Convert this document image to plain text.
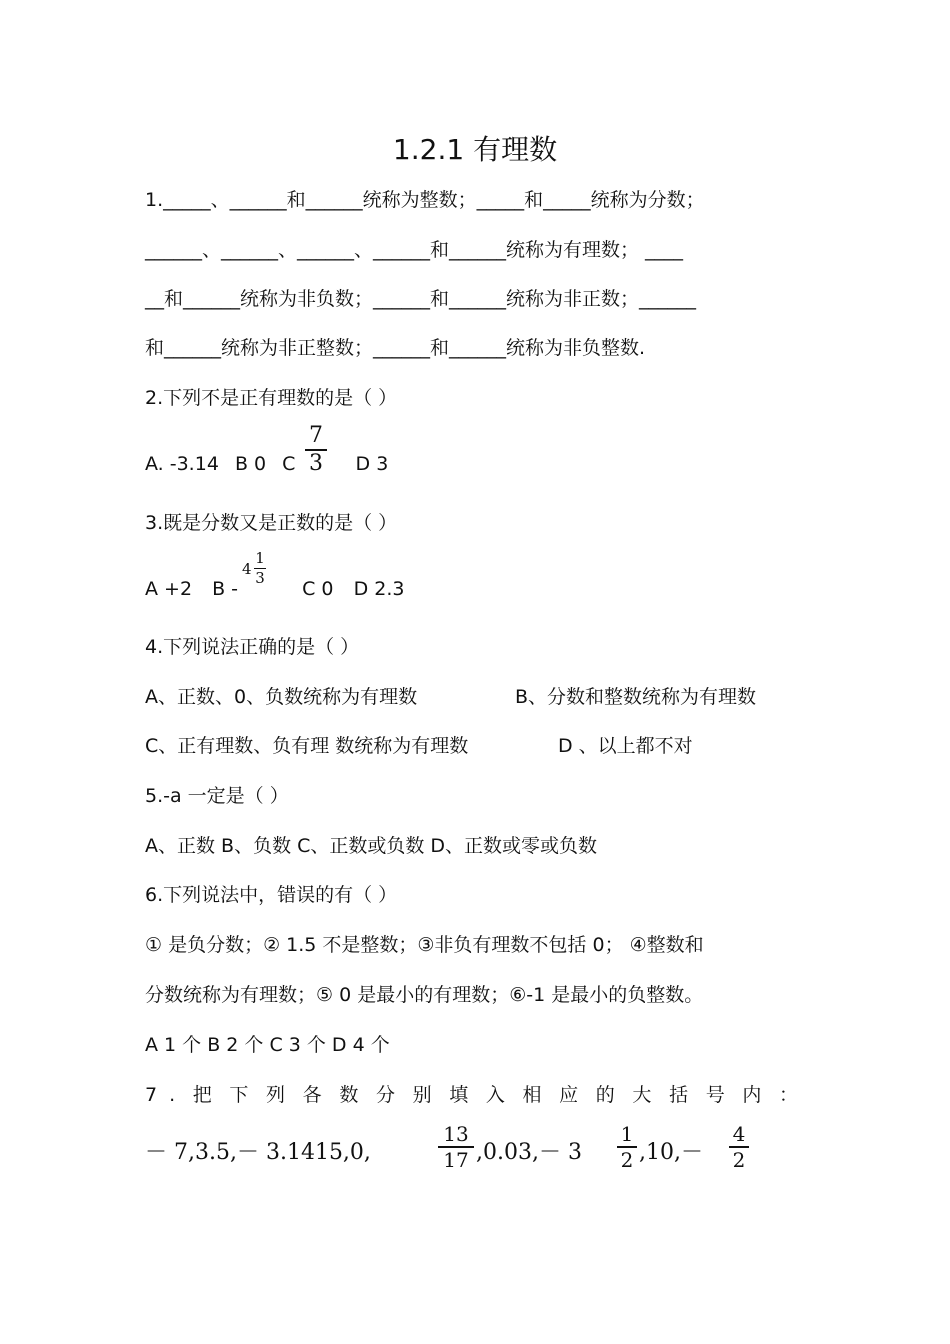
1.2.1 有理数
1._____、______和______统称为整数；_____和_____统称为分数；
______、______、______、______和______统称为有理数； ____
__和______统称为非负数；______和______统称为非正数；______
和______统称为非正整数；______和______统称为非负整数.
2.下列不是正有理数的是（ ）
A. -3.14 B 0 C	D 3
7
3
3.既是分数又是正数的是（ ）
A +2 B -	C 0 D 2.3
4
1
3
4.下列说法正确的是（ ）
A、正数、0、负数统称为有理数	B、分数和整数统称为有理数
C、正有理数、负有理 数统称为有理数	D 、以上都不对
5.-a 一定是（ ）
A、正数 B、负数 C、正数或负数 D、正数或零或负数
6.下列说法中，错误的有（ ）
① 是负分数；② 1.5 不是整数；③非负有理数不包括 0； ④整数和
分数统称为有理数；⑤ 0 是最小的有理数；⑥-1 是最小的负整数。
A 1 个 B 2 个 C 3 个 D 4 个
7.把下列各数分别填入相应的大括号内：
－ 7,3.5,－ 3.1415,0,
13
17 ,0.03,－ 3
1
2 ,10,－
4
2
